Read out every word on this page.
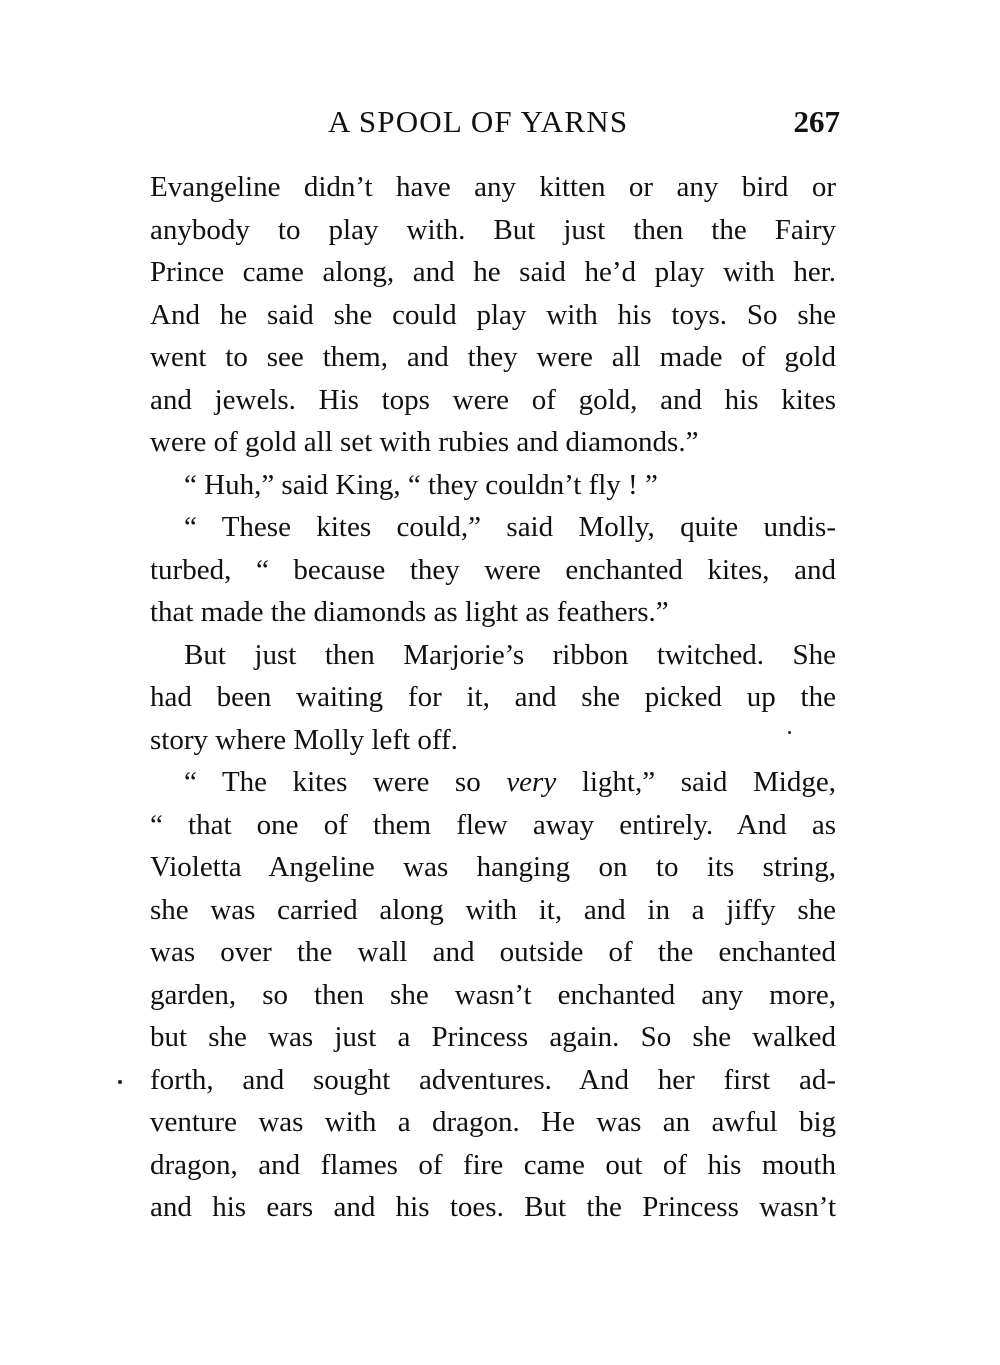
A SPOOL OF YARNS	267
Evangeline didn’t have any kitten or any bird or
anybody to play with. But just then the Fairy
Prince came along, and he said he’d play with her.
And he said she could play with his toys. So she
went to see them, and they were all made of gold
and jewels. His tops were of gold, and his kites
were of gold all set with rubies and diamonds.”
“ Huh,” said King, “ they couldn’t fly ! ”
“ These kites could,” said Molly, quite undis-
turbed, “ because they were enchanted kites, and
that made the diamonds as light as feathers.”
But just then Marjorie’s ribbon twitched. She
had been waiting for it, and she picked up the
story where Molly left off.
“ The kites were so very light,” said Midge,
“ that one of them flew away entirely. And as
Violetta Angeline was hanging on to its string,
she was carried along with it, and in a jiffy she
was over the wall and outside of the enchanted
garden, so then she wasn’t enchanted any more,
but she was just a Princess again. So she walked
forth, and sought adventures. And her first ad-
venture was with a dragon. He was an awful big
dragon, and flames of fire came out of his mouth
and his ears and his toes. But the Princess wasn’t
